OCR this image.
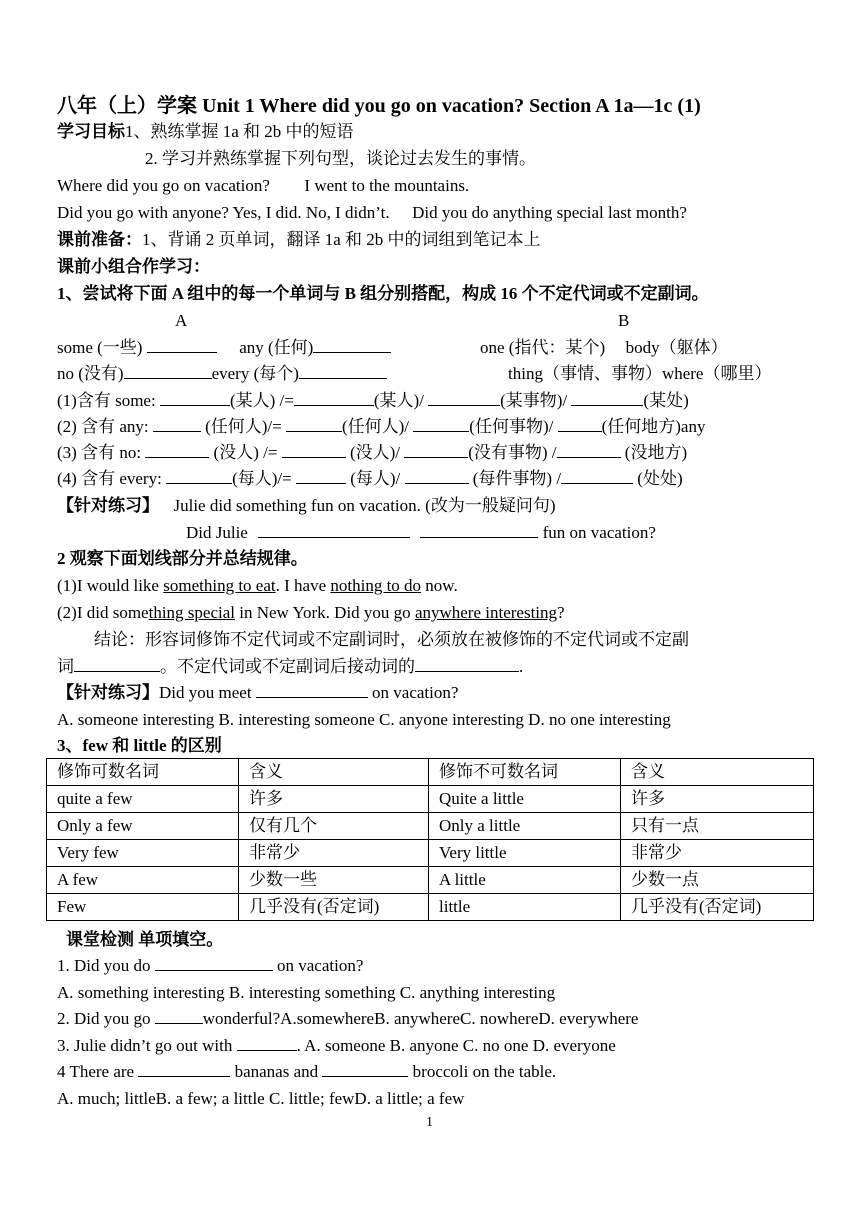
八年（上）学案 Unit 1 Where did you go on vacation? Section A 1a—1c (1)
学习目标1、熟练掌握 1a 和 2b 中的短语
2. 学习并熟练掌握下列句型，谈论过去发生的事情。
Where did you go on vacation? I went to the mountains.
Did you go with anyone? Yes, I did. No, I didn’t. Did you do anything special last month?
课前准备：1、背诵 2 页单词，翻译 1a 和 2b 中的词组到笔记本上
课前小组合作学习：
1、尝试将下面 A 组中的每一个单词与 B 组分别搭配，构成 16 个不定代词或不定副词。
A	B
some (一些)	any (任何)	one (指代：某个) body（躯体）
no (没有)	every (每个)	thing（事情、事物）where（哪里）
(1)含有 some:	(某人) /=	(某人)/	(某事物)/	(某处)
(2) 含有 any:	(任何人)/=	(任何人)/	(任何事物)/	(任何地方)any
(3) 含有 no:	(没人) /=	(没人)/	(没有事物) /	(没地方)
(4) 含有 every:	(每人)/=	(每人)/	(每件事物) /	(处处)
【针对练习】 Julie did something fun on vacation. (改为一般疑问句)
Did Julie	fun on vacation?
2 观察下面划线部分并总结规律。
(1)I would like something to eat. I have nothing to do now.
(2)I did something special in New York. Did you go anywhere interesting?
结论：形容词修饰不定代词或不定副词时，必须放在被修饰的不定代词或不定副
词	。不定代词或不定副词后接动词的	.
【针对练习】Did you meet	on vacation?
A. someone interesting B. interesting someone C. anyone interesting D. no one interesting
3、few 和 little 的区别
修饰可数名词	含义	修饰不可数名词	含义
quite a few	许多	Quite a little	许多
Only a few	仅有几个	Only a little	只有一点
Very few	非常少	Very little	非常少
A few	少数一些	A little	少数一点
Few	几乎没有(否定词)	little	几乎没有(否定词)
课堂检测 单项填空。
1. Did you do	on vacation?
A. something interesting B. interesting something C. anything interesting
2. Did you go	wonderful?A.somewhereB. anywhereC. nowhereD. everywhere
3. Julie didn’t go out with	. A. someone B. anyone C. no one D. everyone
4 There are	bananas and	broccoli on the table.
A. much; littleB. a few; a little C. little; fewD. a little; a few
1
